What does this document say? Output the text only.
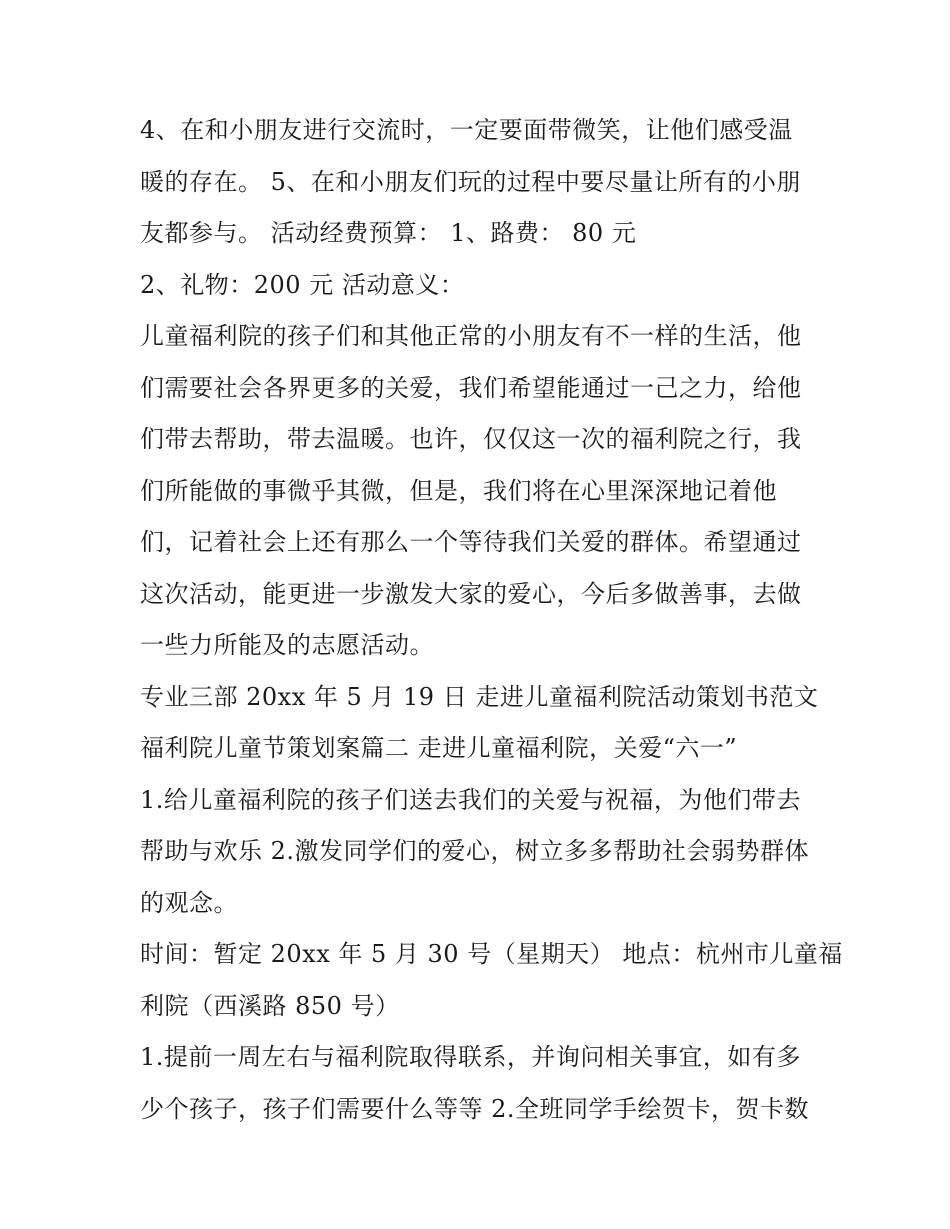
4、在和小朋友进行交流时，一定要面带微笑，让他们感受温
暖的存在。 5、在和小朋友们玩的过程中要尽量让所有的小朋
友都参与。 活动经费预算： 1、路费： 80 元
2、礼物：200 元 活动意义：
儿童福利院的孩子们和其他正常的小朋友有不一样的生活，他
们需要社会各界更多的关爱，我们希望能通过一己之力，给他
们带去帮助，带去温暖。也许，仅仅这一次的福利院之行，我
们所能做的事微乎其微，但是，我们将在心里深深地记着他
们，记着社会上还有那么一个等待我们关爱的群体。希望通过
这次活动，能更进一步激发大家的爱心，今后多做善事，去做
一些力所能及的志愿活动。
专业三部 20xx 年 5 月 19 日 走进儿童福利院活动策划书范文
福利院儿童节策划案篇二 走进儿童福利院，关爱“六一”
1.给儿童福利院的孩子们送去我们的关爱与祝福，为他们带去
帮助与欢乐 2.激发同学们的爱心，树立多多帮助社会弱势群体
的观念。
时间：暂定 20xx 年 5 月 30 号（星期天） 地点：杭州市儿童福
利院（西溪路 850 号）
1.提前一周左右与福利院取得联系，并询问相关事宜，如有多
少个孩子，孩子们需要什么等等 2.全班同学手绘贺卡，贺卡数
